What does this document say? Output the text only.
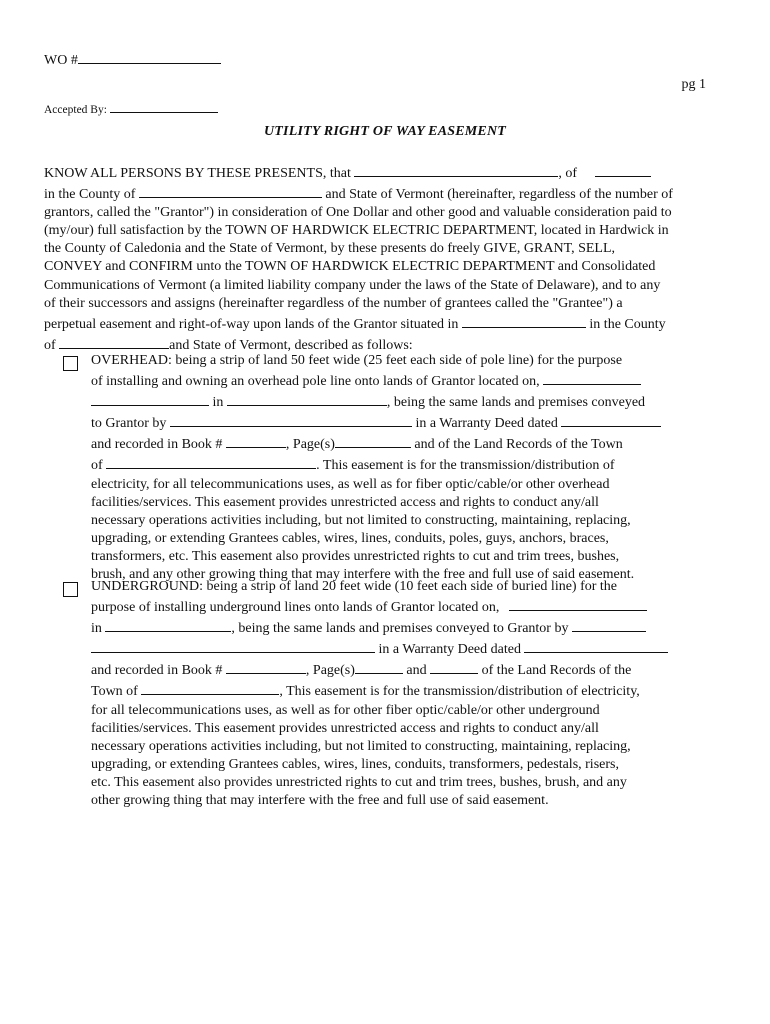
WO #
pg 1
Accepted By:
UTILITY RIGHT OF WAY EASEMENT
KNOW ALL PERSONS BY THESE PRESENTS, that	, of
in the County of	and State of Vermont (hereinafter, regardless of the number of
grantors, called the "Grantor") in consideration of One Dollar and other good and valuable consideration paid to
(my/our) full satisfaction by the TOWN OF HARDWICK ELECTRIC DEPARTMENT, located in Hardwick in
the County of Caledonia and the State of Vermont, by these presents do freely GIVE, GRANT, SELL,
CONVEY and CONFIRM unto the TOWN OF HARDWICK ELECTRIC DEPARTMENT and Consolidated
Communications of Vermont (a limited liability company under the laws of the State of Delaware), and to any
of their successors and assigns (hereinafter regardless of the number of grantees called the "Grantee") a
perpetual easement and right-of-way upon lands of the Grantor situated in	in the County
of	and State of Vermont, described as follows:
OVERHEAD: being a strip of land 50 feet wide (25 feet each side of pole line) for the purpose
of installing and owning an overhead pole line onto lands of Grantor located on,
in	, being the same lands and premises conveyed
to Grantor by	in a Warranty Deed dated
and recorded in Book #	, Page(s)	and of the Land Records of the Town
of	. This easement is for the transmission/distribution of
electricity, for all telecommunications uses, as well as for fiber optic/cable/or other overhead
facilities/services. This easement provides unrestricted access and rights to conduct any/all
necessary operations activities including, but not limited to constructing, maintaining, replacing,
upgrading, or extending Grantees cables, wires, lines, conduits, poles, guys, anchors, braces,
transformers, etc. This easement also provides unrestricted rights to cut and trim trees, bushes,
brush, and any other growing thing that may interfere with the free and full use of said easement.
UNDERGROUND: being a strip of land 20 feet wide (10 feet each side of buried line) for the
purpose of installing underground lines onto lands of Grantor located on,
in	, being the same lands and premises conveyed to Grantor by
in a Warranty Deed dated
and recorded in Book #	, Page(s)	and	of the Land Records of the
Town of	, This easement is for the transmission/distribution of electricity,
for all telecommunications uses, as well as for other fiber optic/cable/or other underground
facilities/services. This easement provides unrestricted access and rights to conduct any/all
necessary operations activities including, but not limited to constructing, maintaining, replacing,
upgrading, or extending Grantees cables, wires, lines, conduits, transformers, pedestals, risers,
etc. This easement also provides unrestricted rights to cut and trim trees, bushes, brush, and any
other growing thing that may interfere with the free and full use of said easement.
